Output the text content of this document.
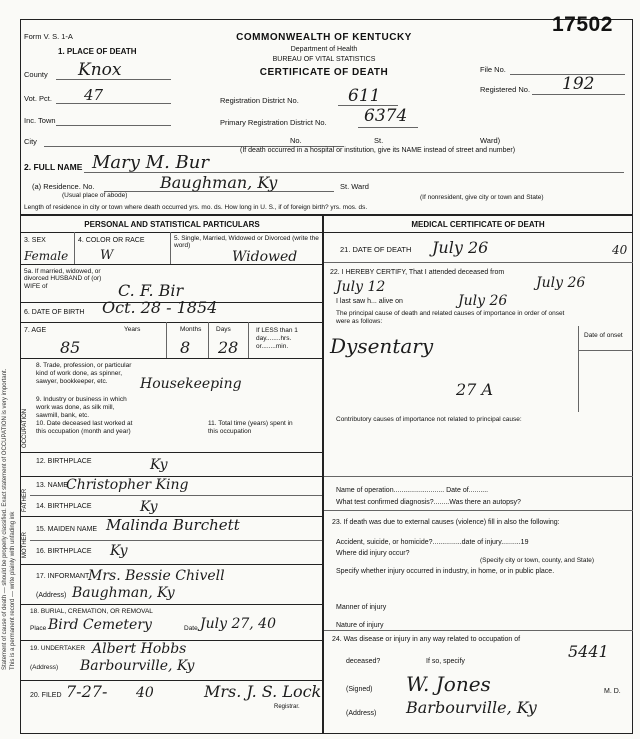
Statement of cause of death — should be properly classified. Exact statement of OCCUPATION is very important. This is a permanent record — write plainly with unfading ink
Form V. S. 1-A
1. PLACE OF DEATH
COMMONWEALTH OF KENTUCKY
Department of Health
BUREAU OF VITAL STATISTICS
CERTIFICATE OF DEATH
17502
File No.
Registered No. 192
County Knox
Vot. Pct. 47
Inc. Town
City
Registration District No.	611
Primary Registration District No. 6374
No.	St.	Ward)
(If death occurred in a hospital or institution, give its NAME instead of street and number)
2. FULL NAME Mary M. Bur
(a) Residence. No.	Baughman, Ky
(Usual place of abode)
St. Ward
(If nonresident, give city or town and State)
Length of residence in city or town where death occurred yrs. mo. ds. How long in U. S., if of foreign birth? yrs. mos. ds.
PERSONAL AND STATISTICAL PARTICULARS
3. SEX
Female
4. COLOR OR RACE
W
5. Single, Married, Widowed or Divorced (write the word)
Widowed
5a. If married, widowed, or divorced HUSBAND of (or) WIFE of	C. F. Bir
6. DATE OF BIRTH Oct. 28 - 1854
7. AGE	Years	Months Days	If LESS than 1 day........hrs. or........min.
85	8 28
8. Trade, profession, or particular kind of work done, as spinner, sawyer, bookkeeper, etc.	Housekeeping
9. Industry or business in which work was done, as silk mill, sawmill, bank, etc.
10. Date deceased last worked at this occupation (month and year)
11. Total time (years) spent in this occupation
OCCUPATION
12. BIRTHPLACE	Ky
13. NAME
Christopher King
14. BIRTHPLACE	Ky
FATHER
15. MAIDEN NAME Malinda Burchett
16. BIRTHPLACE Ky
MOTHER
17. INFORMANT
Mrs. Bessie Chivell
(Address) Baughman, Ky
18. BURIAL, CREMATION, OR REMOVAL
Place Bird Cemetery	Date July 27, 40
19. UNDERTAKER Albert Hobbs
(Address) Barbourville, Ky
20. FILED 7-27- 40	Mrs. J. S. Lock
Registrar.
MEDICAL CERTIFICATE OF DEATH
21. DATE OF DEATH July 26	40
22. I HEREBY CERTIFY, That I attended deceased from
July 12	July 26
I last saw h... alive on	July 26
The principal cause of death and related causes of importance in order of onset were as follows:
Date of onset
Dysentary
27 A
Contributory causes of importance not related to principal cause:
Name of operation.......................... Date of..........
What test confirmed diagnosis?........Was there an autopsy?
23. If death was due to external causes (violence) fill in also the following:
Accident, suicide, or homicide?...............date of injury..........19
Where did injury occur?
(Specify city or town, county, and State)
Specify whether injury occurred in industry, in home, or in public place.
Manner of injury
Nature of injury
24. Was disease or injury in any way related to occupation of
deceased?	If so, specify
5441
(Signed) W. Jones	M. D.
(Address) Barbourville, Ky
